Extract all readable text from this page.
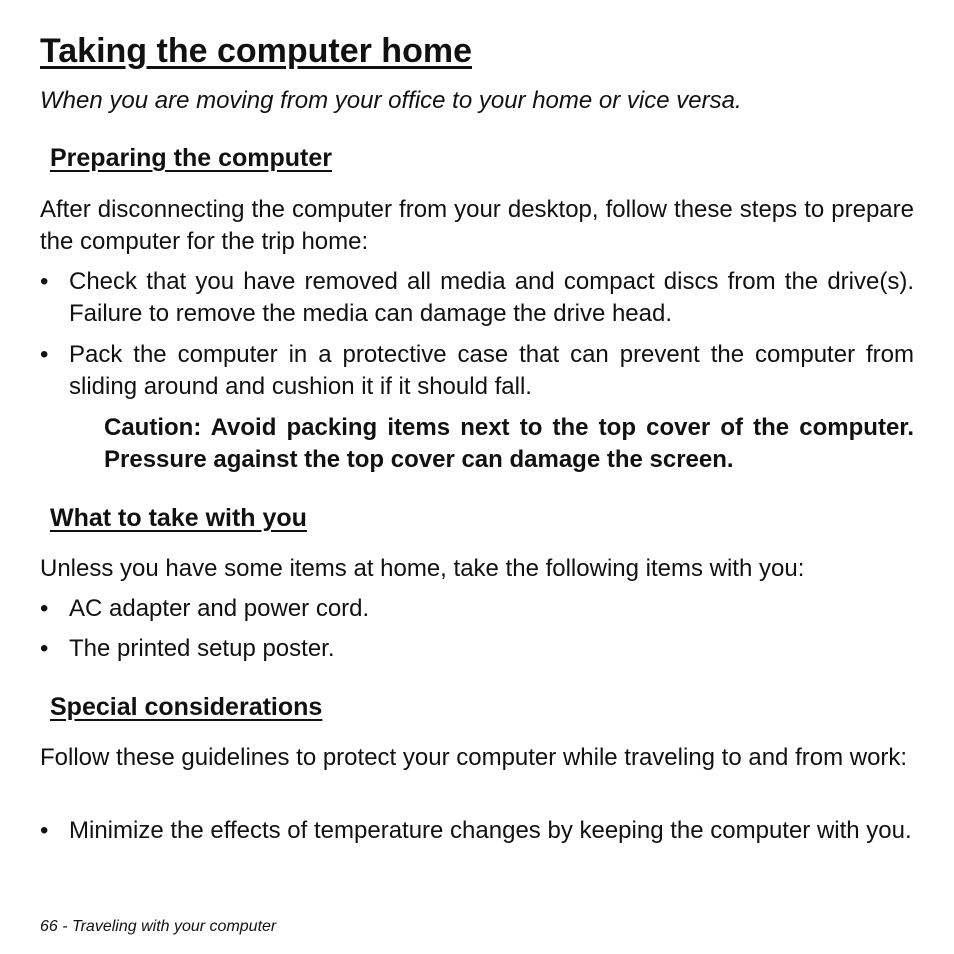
Taking the computer home

When you are moving from your office to your home or vice versa.

Preparing the computer

After disconnecting the computer from your desktop, follow these steps to prepare the computer for the trip home:

• Check that you have removed all media and compact discs from the drive(s). Failure to remove the media can damage the drive head.
• Pack the computer in a protective case that can prevent the computer from sliding around and cushion it if it should fall.

Caution: Avoid packing items next to the top cover of the computer. Pressure against the top cover can damage the screen.

What to take with you

Unless you have some items at home, take the following items with you:

• AC adapter and power cord.
• The printed setup poster.
Special considerations

Follow these guidelines to protect your computer while traveling to and from work:

• Minimize the effects of temperature changes by keeping the computer with you.

66 - Traveling with your computer
